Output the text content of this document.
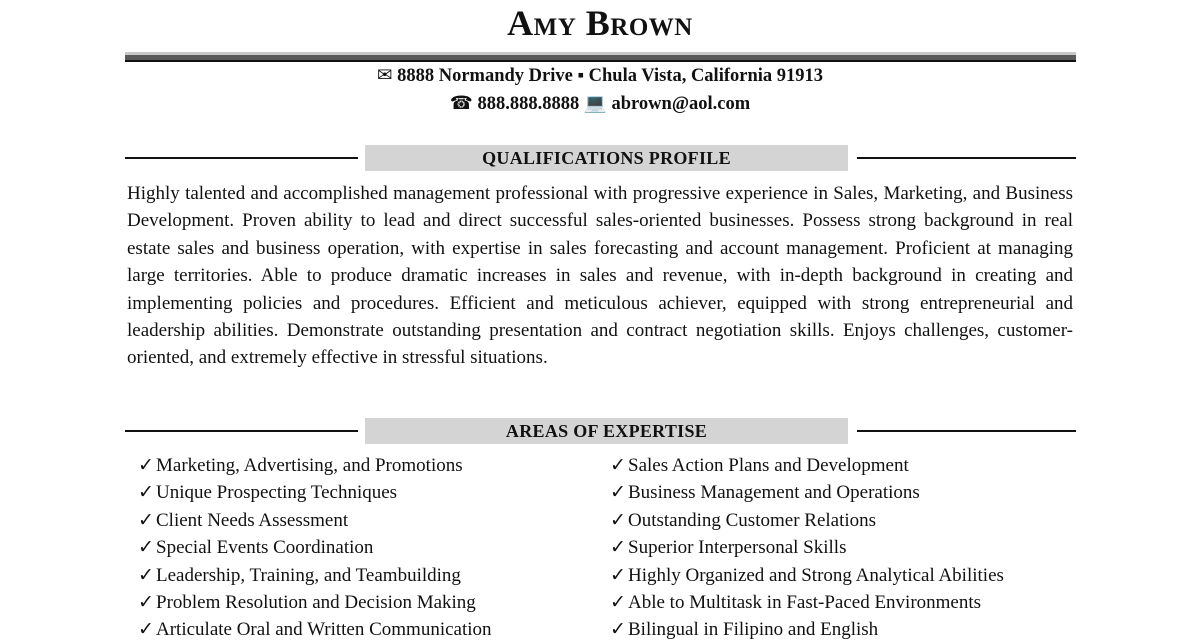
Amy Brown
✉ 8888 Normandy Drive ▪ Chula Vista, California 91913
☎ 888.888.8888 💻 abrown@aol.com
QUALIFICATIONS PROFILE
Highly talented and accomplished management professional with progressive experience in Sales, Marketing, and Business Development. Proven ability to lead and direct successful sales-oriented businesses. Possess strong background in real estate sales and business operation, with expertise in sales forecasting and account management. Proficient at managing large territories. Able to produce dramatic increases in sales and revenue, with in-depth background in creating and implementing policies and procedures. Efficient and meticulous achiever, equipped with strong entrepreneurial and leadership abilities. Demonstrate outstanding presentation and contract negotiation skills. Enjoys challenges, customer-oriented, and extremely effective in stressful situations.
AREAS OF EXPERTISE
✓ Marketing, Advertising, and Promotions
✓ Unique Prospecting Techniques
✓ Client Needs Assessment
✓ Special Events Coordination
✓ Leadership, Training, and Teambuilding
✓ Problem Resolution and Decision Making
✓ Articulate Oral and Written Communication
✓ Sales Action Plans and Development
✓ Business Management and Operations
✓ Outstanding Customer Relations
✓ Superior Interpersonal Skills
✓ Highly Organized and Strong Analytical Abilities
✓ Able to Multitask in Fast-Paced Environments
✓ Bilingual in Filipino and English
